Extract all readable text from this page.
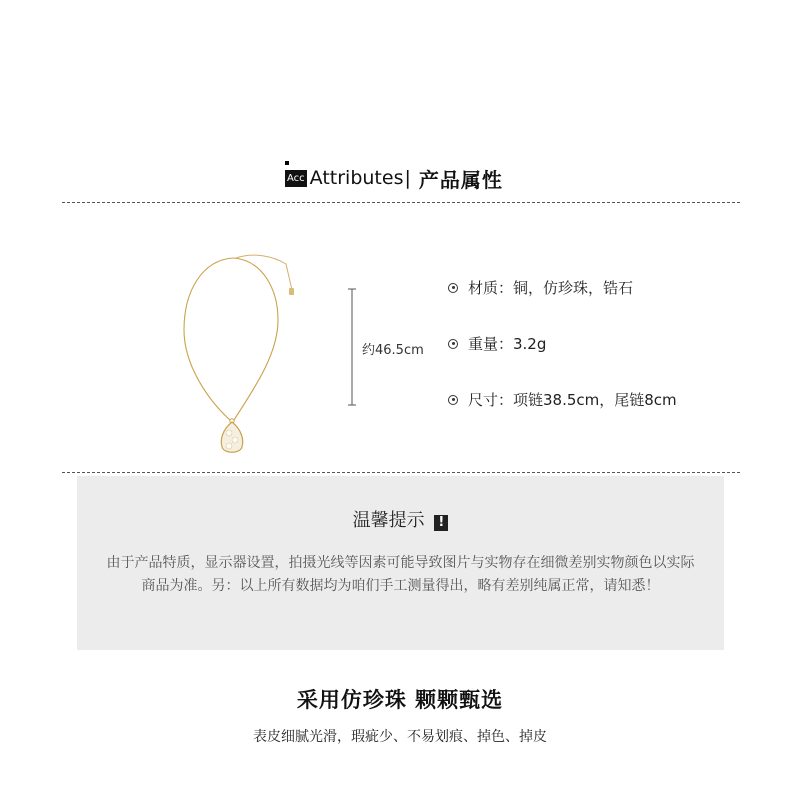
Acc Attributes | 产品属性
约46.5cm
材质：铜，仿珍珠，锆石
重量：3.2g
尺寸：项链38.5cm，尾链8cm
温馨提示 !
由于产品特质，显示器设置，拍摄光线等因素可能导致图片与实物存在细微差别实物颜色以实际商品为准。另：以上所有数据均为咱们手工测量得出，略有差别纯属正常，请知悉！
采用仿珍珠 颗颗甄选
表皮细腻光滑，瑕疵少、不易划痕、掉色、掉皮
